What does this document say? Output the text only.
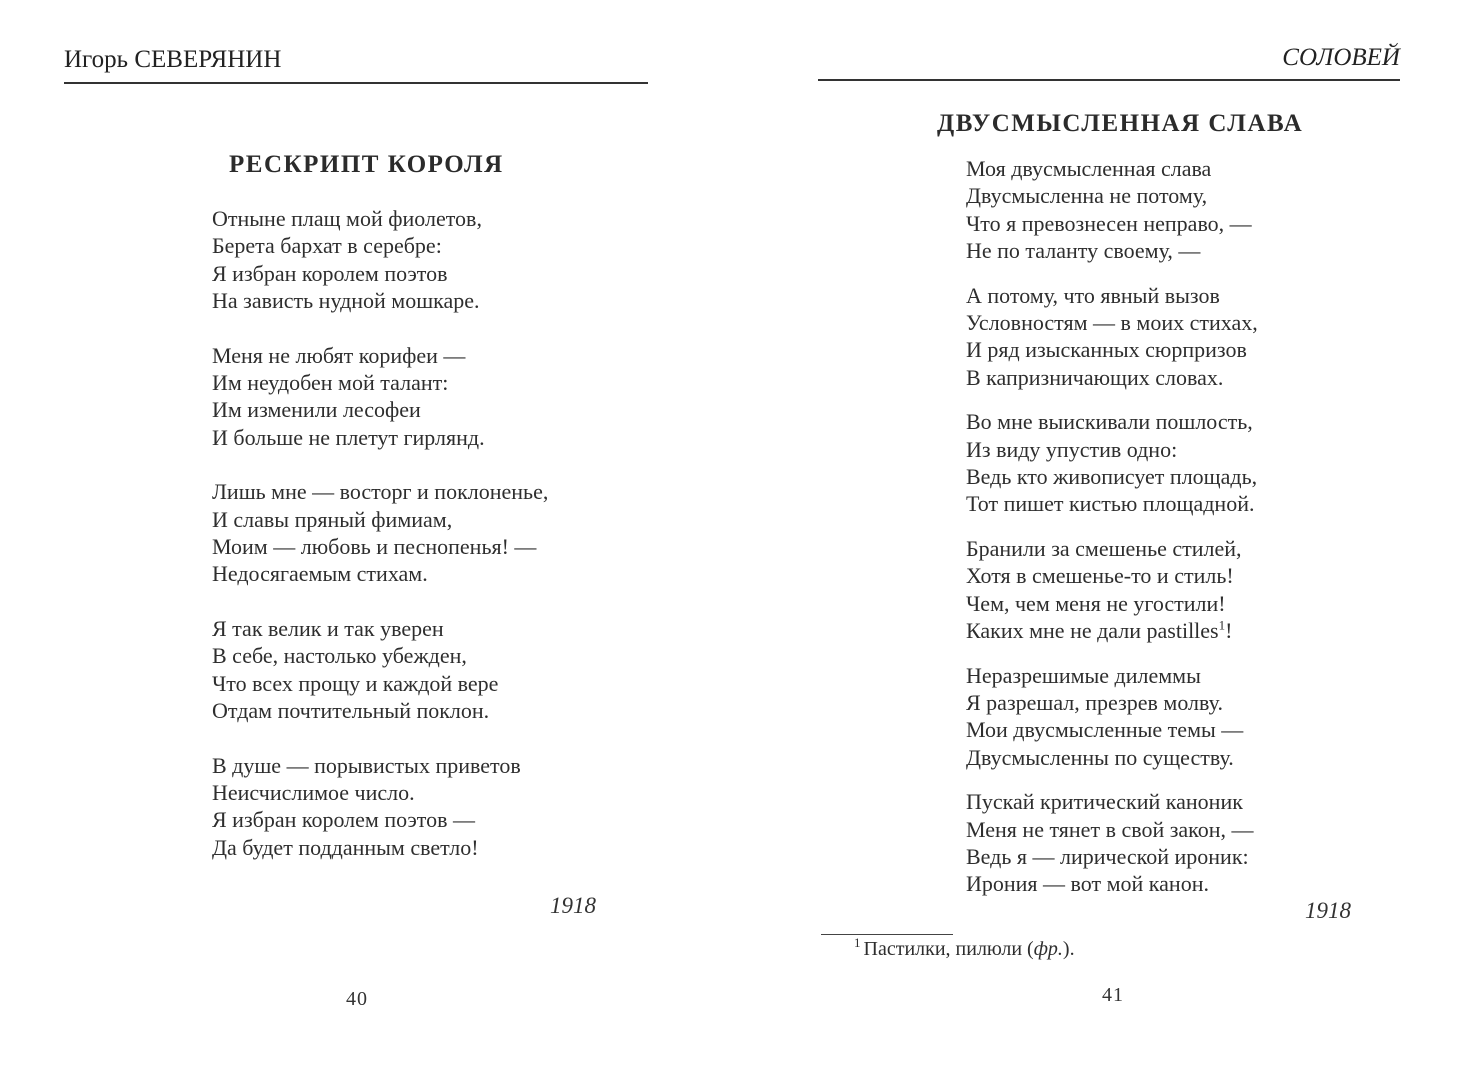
Игорь СЕВЕРЯНИН
РЕСКРИПТ КОРОЛЯ

Отныне плащ мой фиолетов,
Берета бархат в серебре:
Я избран королем поэтов
На зависть нудной мошкаре.

Меня не любят корифеи —
Им неудобен мой талант:
Им изменили лесофеи
И больше не плетут гирлянд.

Лишь мне — восторг и поклоненье,
И славы пряный фимиам,
Моим — любовь и песнопенья! —
Недосягаемым стихам.

Я так велик и так уверен
В себе, настолько убежден,
Что всех прощу и каждой вере
Отдам почтительный поклон.

В душе — порывистых приветов
Неисчислимое число.
Я избран королем поэтов —
Да будет подданным светло!

1918
40
СОЛОВЕЙ
ДВУСМЫСЛЕННАЯ СЛАВА

Моя двусмысленная слава
Двусмысленна не потому,
Что я превознесен неправо, —
Не по таланту своему, —

А потому, что явный вызов
Условностям — в моих стихах,
И ряд изысканных сюрпризов
В капризничающих словах.

Во мне выискивали пошлость,
Из виду упустив одно:
Ведь кто живописует площадь,
Тот пишет кистью площадной.

Бранили за смешенье стилей,
Хотя в смешенье-то и стиль!
Чем, чем меня не угостили!
Каких мне не дали pastilles$^1$!

Неразрешимые дилеммы
Я разрешал, презрев молву.
Мои двусмысленные темы —
Двусмысленны по существу.

Пускай критический каноник
Меня не тянет в свой закон, —
Ведь я — лирической ироник:
Ирония — вот мой канон.

1918
$^1$ Пастилки, пилюли (фр.).
41
